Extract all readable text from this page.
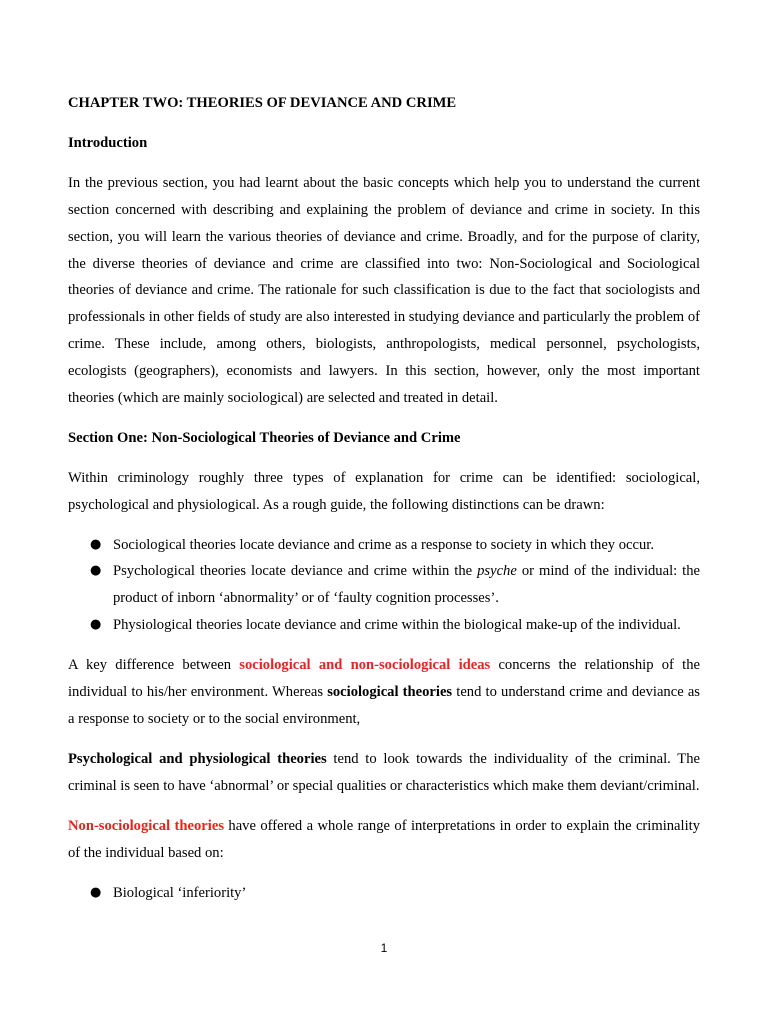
CHAPTER TWO: THEORIES OF DEVIANCE AND CRIME

Introduction

In the previous section, you had learnt about the basic concepts which help you to understand the current section concerned with describing and explaining the problem of deviance and crime in society. In this section, you will learn the various theories of deviance and crime. Broadly, and for the purpose of clarity, the diverse theories of deviance and crime are classified into two: Non-Sociological and Sociological theories of deviance and crime. The rationale for such classification is due to the fact that sociologists and professionals in other fields of study are also interested in studying deviance and particularly the problem of crime. These include, among others, biologists, anthropologists, medical personnel, psychologists, ecologists (geographers), economists and lawyers. In this section, however, only the most important theories (which are mainly sociological) are selected and treated in detail.

Section One: Non-Sociological Theories of Deviance and Crime

Within criminology roughly three types of explanation for crime can be identified: sociological, psychological and physiological. As a rough guide, the following distinctions can be drawn:

● Sociological theories locate deviance and crime as a response to society in which they occur.
● Psychological theories locate deviance and crime within the psyche or mind of the individual: the product of inborn ‘abnormality’ or of ‘faulty cognition processes’.
● Physiological theories locate deviance and crime within the biological make-up of the individual.

A key difference between sociological and non-sociological ideas concerns the relationship of the individual to his/her environment. Whereas sociological theories tend to understand crime and deviance as a response to society or to the social environment,

Psychological and physiological theories tend to look towards the individuality of the criminal. The criminal is seen to have ‘abnormal’ or special qualities or characteristics which make them deviant/criminal.

Non-sociological theories have offered a whole range of interpretations in order to explain the criminality of the individual based on:

● Biological ‘inferiority’
1
